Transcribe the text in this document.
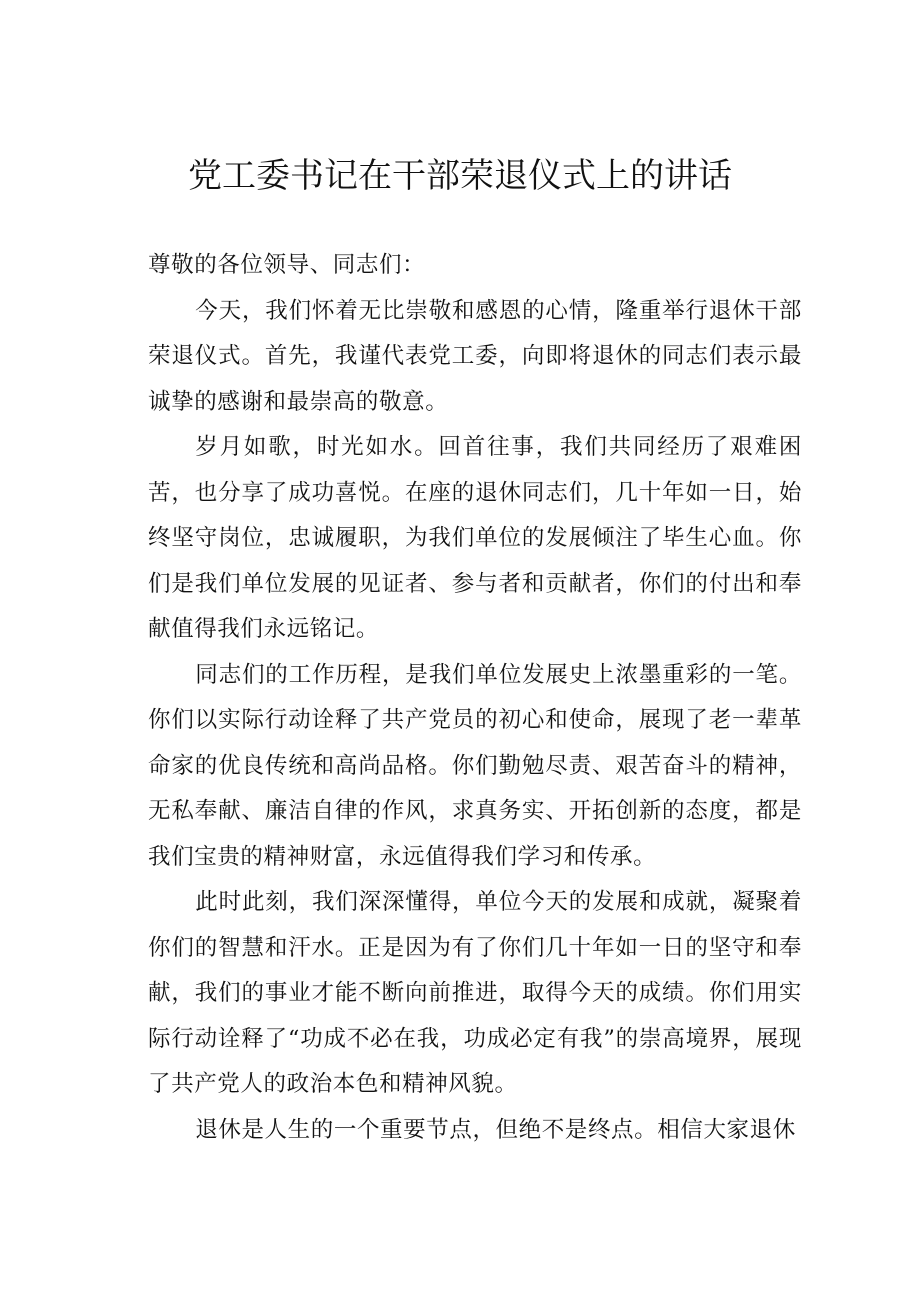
党工委书记在干部荣退仪式上的讲话

尊敬的各位领导、同志们：

今天，我们怀着无比崇敬和感恩的心情，隆重举行退休干部荣退仪式。首先，我谨代表党工委，向即将退休的同志们表示最诚挚的感谢和最崇高的敬意。

岁月如歌，时光如水。回首往事，我们共同经历了艰难困苦，也分享了成功喜悦。在座的退休同志们，几十年如一日，始终坚守岗位，忠诚履职，为我们单位的发展倾注了毕生心血。你们是我们单位发展的见证者、参与者和贡献者，你们的付出和奉献值得我们永远铭记。

同志们的工作历程，是我们单位发展史上浓墨重彩的一笔。你们以实际行动诠释了共产党员的初心和使命，展现了老一辈革命家的优良传统和高尚品格。你们勤勉尽责、艰苦奋斗的精神，无私奉献、廉洁自律的作风，求真务实、开拓创新的态度，都是我们宝贵的精神财富，永远值得我们学习和传承。

此时此刻，我们深深懂得，单位今天的发展和成就，凝聚着你们的智慧和汗水。正是因为有了你们几十年如一日的坚守和奉献，我们的事业才能不断向前推进，取得今天的成绩。你们用实际行动诠释了“功成不必在我，功成必定有我”的崇高境界，展现了共产党人的政治本色和精神风貌。

退休是人生的一个重要节点，但绝不是终点。相信大家退休
